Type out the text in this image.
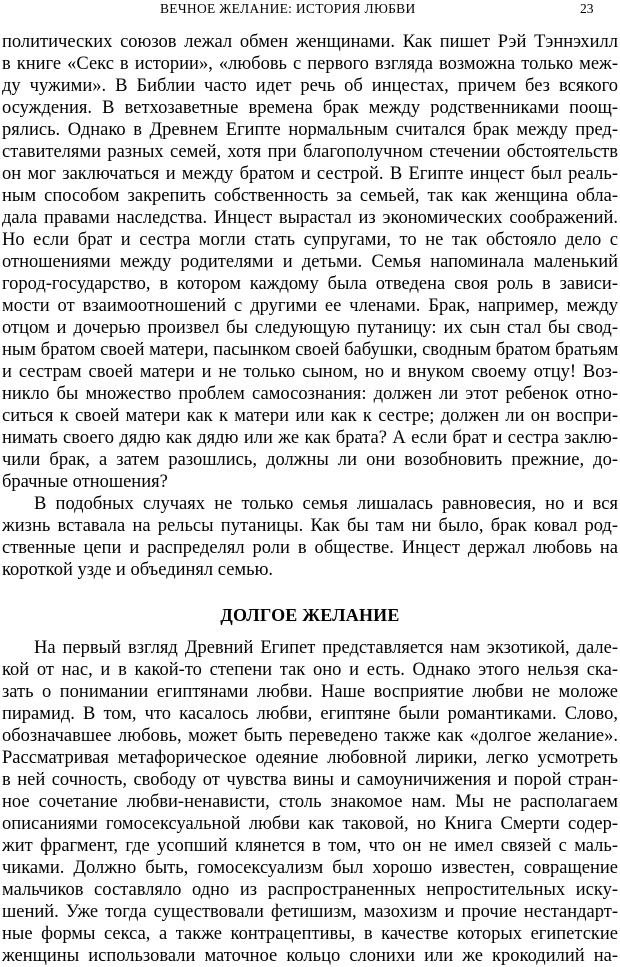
ВЕЧНОЕ ЖЕЛАНИЕ: ИСТОРИЯ ЛЮБВИ	23
политических союзов лежал обмен женщинами. Как пишет Рэй Тэннэхилл
в книге «Секс в истории», «любовь с первого взгляда возможна только меж-
ду чужими». В Библии часто идет речь об инцестах, причем без всякого
осуждения. В ветхозаветные времена брак между родственниками поощ-
рялись. Однако в Древнем Египте нормальным считался брак между пред-
ставителями разных семей, хотя при благополучном стечении обстоятельств
он мог заключаться и между братом и сестрой. В Египте инцест был реаль-
ным способом закрепить собственность за семьей, так как женщина обла-
дала правами наследства. Инцест вырастал из экономических соображений.
Но если брат и сестра могли стать супругами, то не так обстояло дело с
отношениями между родителями и детьми. Семья напоминала маленький
город-государство, в котором каждому была отведена своя роль в зависи-
мости от взаимоотношений с другими ее членами. Брак, например, между
отцом и дочерью произвел бы следующую путаницу: их сын стал бы свод-
ным братом своей матери, пасынком своей бабушки, сводным братом братьям
и сестрам своей матери и не только сыном, но и внуком своему отцу! Воз-
никло бы множество проблем самосознания: должен ли этот ребенок отно-
ситься к своей матери как к матери или как к сестре; должен ли он воспри-
нимать своего дядю как дядю или же как брата? А если брат и сестра заклю-
чили брак, а затем разошлись, должны ли они возобновить прежние, до-
брачные отношения?
В подобных случаях не только семья лишалась равновесия, но и вся
жизнь вставала на рельсы путаницы. Как бы там ни было, брак ковал род-
ственные цепи и распределял роли в обществе. Инцест держал любовь на
короткой узде и объединял семью.
ДОЛГОЕ ЖЕЛАНИЕ
На первый взгляд Древний Египет представляется нам экзотикой, дале-
кой от нас, и в какой-то степени так оно и есть. Однако этого нельзя ска-
зать о понимании египтянами любви. Наше восприятие любви не моложе
пирамид. В том, что касалось любви, египтяне были романтиками. Слово,
обозначавшее любовь, может быть переведено также как «долгое желание».
Рассматривая метафорическое одеяние любовной лирики, легко усмотреть
в ней сочность, свободу от чувства вины и самоуничижения и порой стран-
ное сочетание любви-ненависти, столь знакомое нам. Мы не располагаем
описаниями гомосексуальной любви как таковой, но Книга Смерти содер-
жит фрагмент, где усопший клянется в том, что он не имел связей с маль-
чиками. Должно быть, гомосексуализм был хорошо известен, совращение
мальчиков составляло одно из распространенных непростительных иску-
шений. Уже тогда существовали фетишизм, мазохизм и прочие нестандарт-
ные формы секса, а также контрацептивы, в качестве которых египетские
женщины использовали маточное кольцо слонихи или же крокодилий на-
